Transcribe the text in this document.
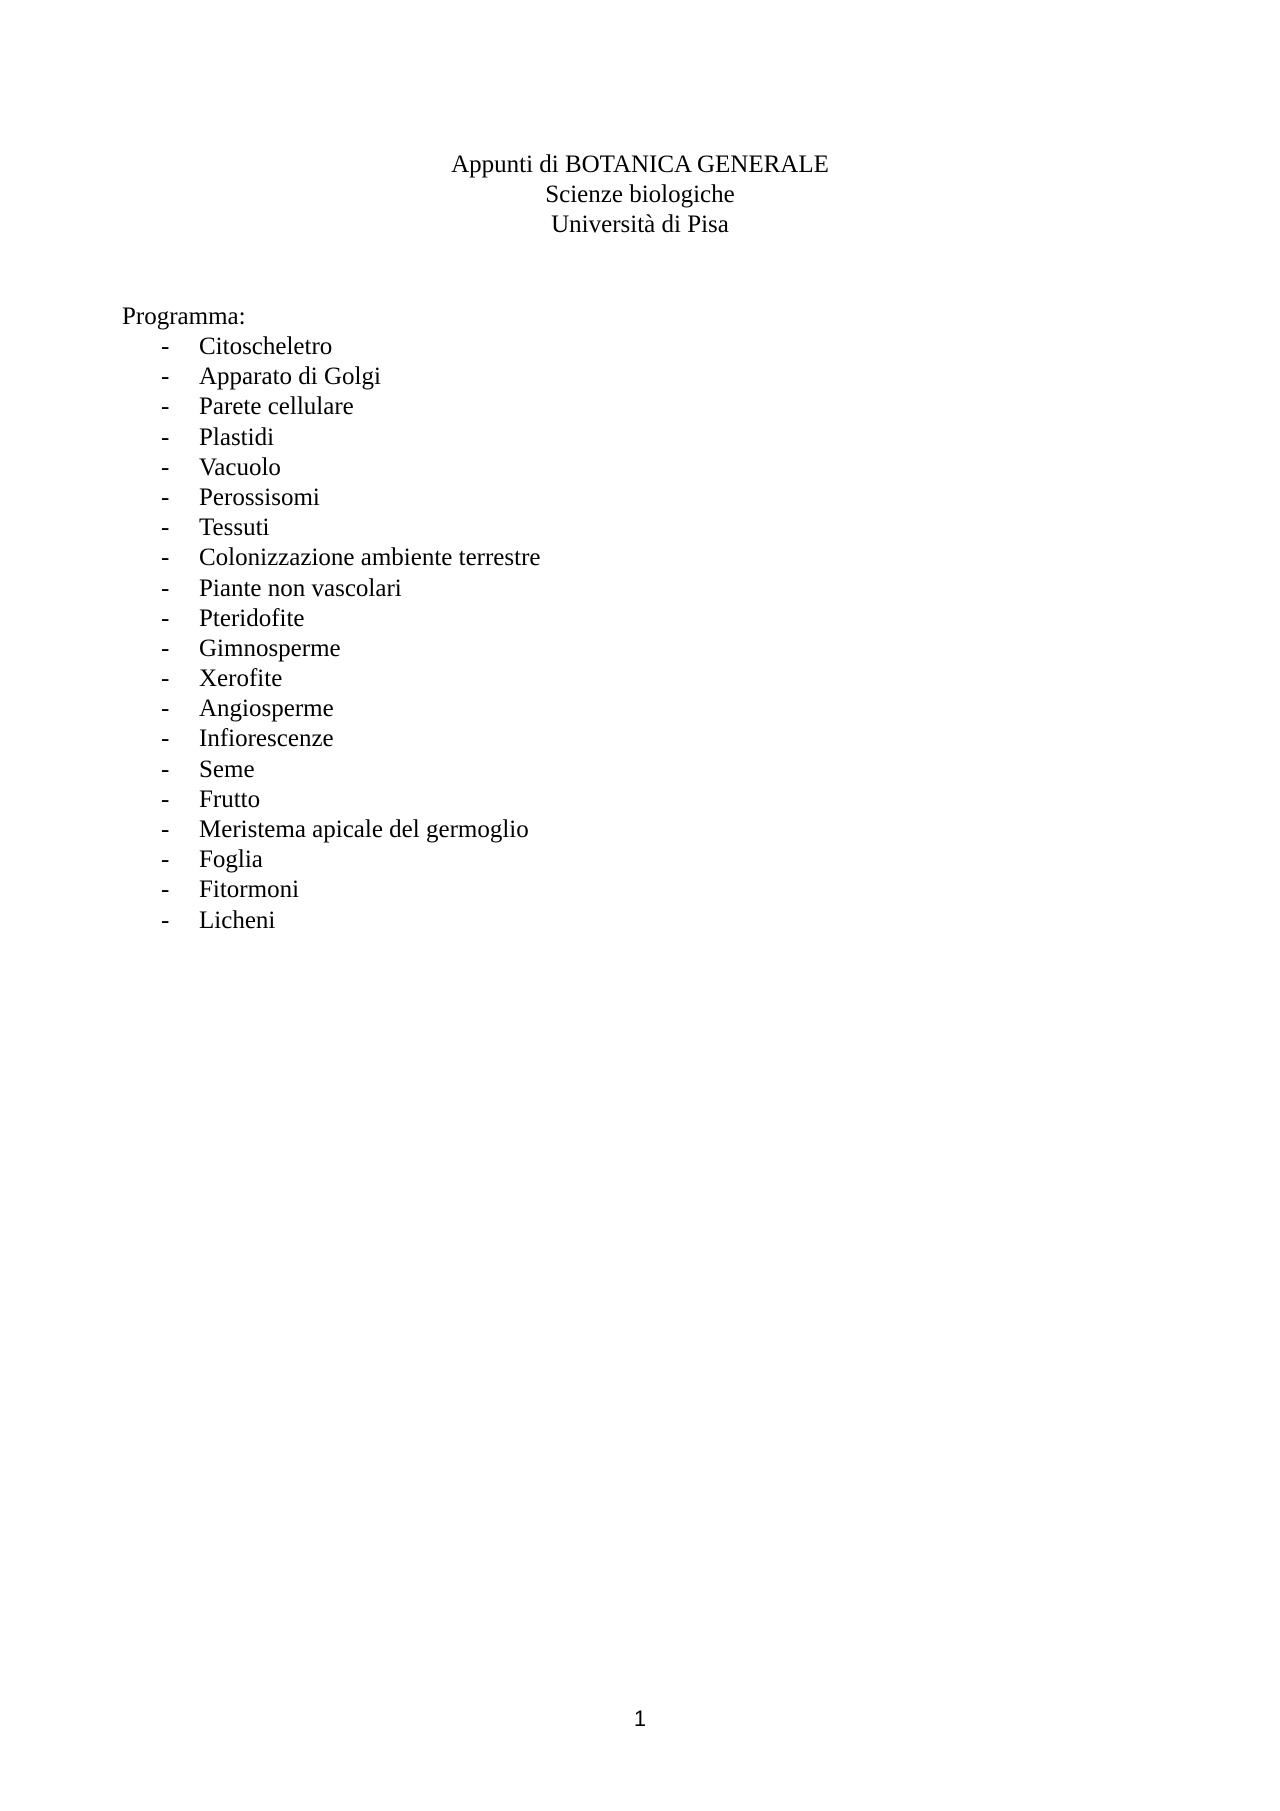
Appunti di BOTANICA GENERALE
Scienze biologiche
Università di Pisa
Programma:
- Citoscheletro
- Apparato di Golgi
- Parete cellulare
- Plastidi
- Vacuolo
- Perossisomi
- Tessuti
- Colonizzazione ambiente terrestre
- Piante non vascolari
- Pteridofite
- Gimnosperme
- Xerofite
- Angiosperme
- Infiorescenze
- Seme
- Frutto
- Meristema apicale del germoglio
- Foglia
- Fitormoni
- Licheni
1
